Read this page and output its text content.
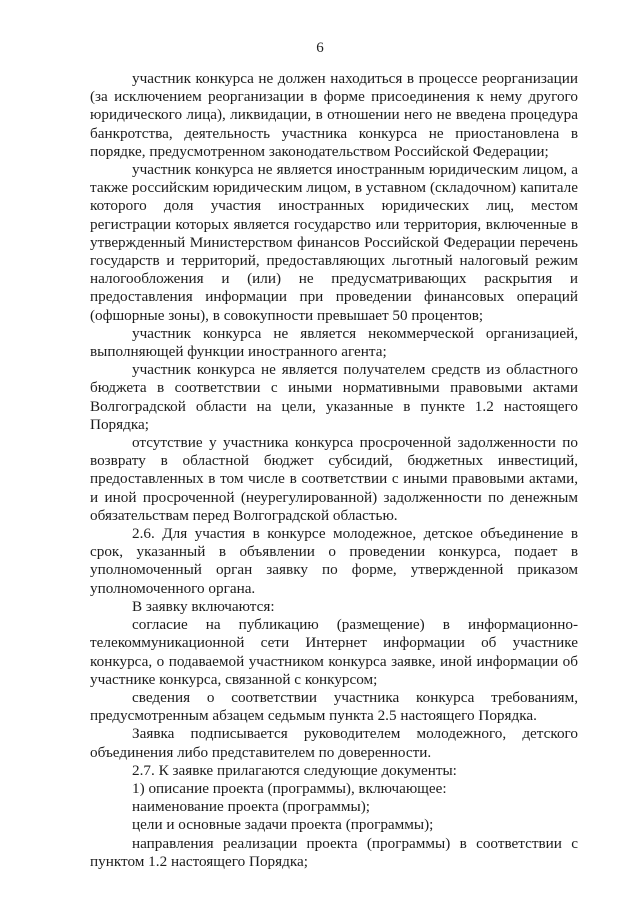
6

участник конкурса не должен находиться в процессе реорганизации (за исключением реорганизации в форме присоединения к нему другого юридического лица), ликвидации, в отношении него не введена процедура банкротства, деятельность участника конкурса не приостановлена в порядке, предусмотренном законодательством Российской Федерации;

участник конкурса не является иностранным юридическим лицом, а также российским юридическим лицом, в уставном (складочном) капитале которого доля участия иностранных юридических лиц, местом регистрации которых является государство или территория, включенные в утвержденный Министерством финансов Российской Федерации перечень государств и территорий, предоставляющих льготный налоговый режим налогообложения и (или) не предусматривающих раскрытия и предоставления информации при проведении финансовых операций (офшорные зоны), в совокупности превышает 50 процентов;

участник конкурса не является некоммерческой организацией, выполняющей функции иностранного агента;

участник конкурса не является получателем средств из областного бюджета в соответствии с иными нормативными правовыми актами Волгоградской области на цели, указанные в пункте 1.2 настоящего Порядка;

отсутствие у участника конкурса просроченной задолженности по возврату в областной бюджет субсидий, бюджетных инвестиций, предоставленных в том числе в соответствии с иными правовыми актами, и иной просроченной (неурегулированной) задолженности по денежным обязательствам перед Волгоградской областью.

2.6. Для участия в конкурсе молодежное, детское объединение в срок, указанный в объявлении о проведении конкурса, подает в уполномоченный орган заявку по форме, утвержденной приказом уполномоченного органа.

В заявку включаются:

согласие на публикацию (размещение) в информационно-телекоммуникационной сети Интернет информации об участнике конкурса, о подаваемой участником конкурса заявке, иной информации об участнике конкурса, связанной с конкурсом;

сведения о соответствии участника конкурса требованиям, предусмотренным абзацем седьмым пункта 2.5 настоящего Порядка.

Заявка подписывается руководителем молодежного, детского объединения либо представителем по доверенности.

2.7. К заявке прилагаются следующие документы:

1) описание проекта (программы), включающее:

наименование проекта (программы);

цели и основные задачи проекта (программы);

направления реализации проекта (программы) в соответствии с пунктом 1.2 настоящего Порядка;
